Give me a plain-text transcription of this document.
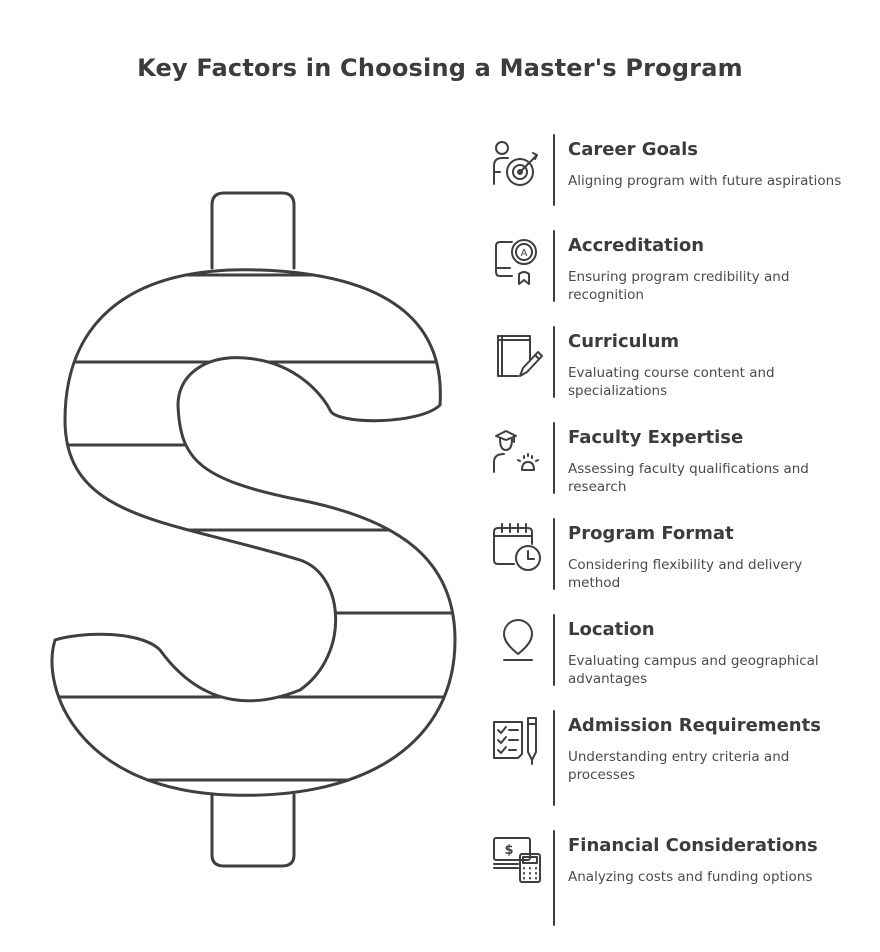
Key Factors in Choosing a Master's Program
Career Goals
Aligning program with future aspirations
A Accreditation
Ensuring program credibility and recognition
Curriculum
Evaluating course content and specializations
Faculty Expertise
Assessing faculty qualifications and research
Program Format
Considering flexibility and delivery method
Location
Evaluating campus and geographical advantages
Admission Requirements
Understanding entry criteria and processes
$	Financial Considerations
Analyzing costs and funding options
